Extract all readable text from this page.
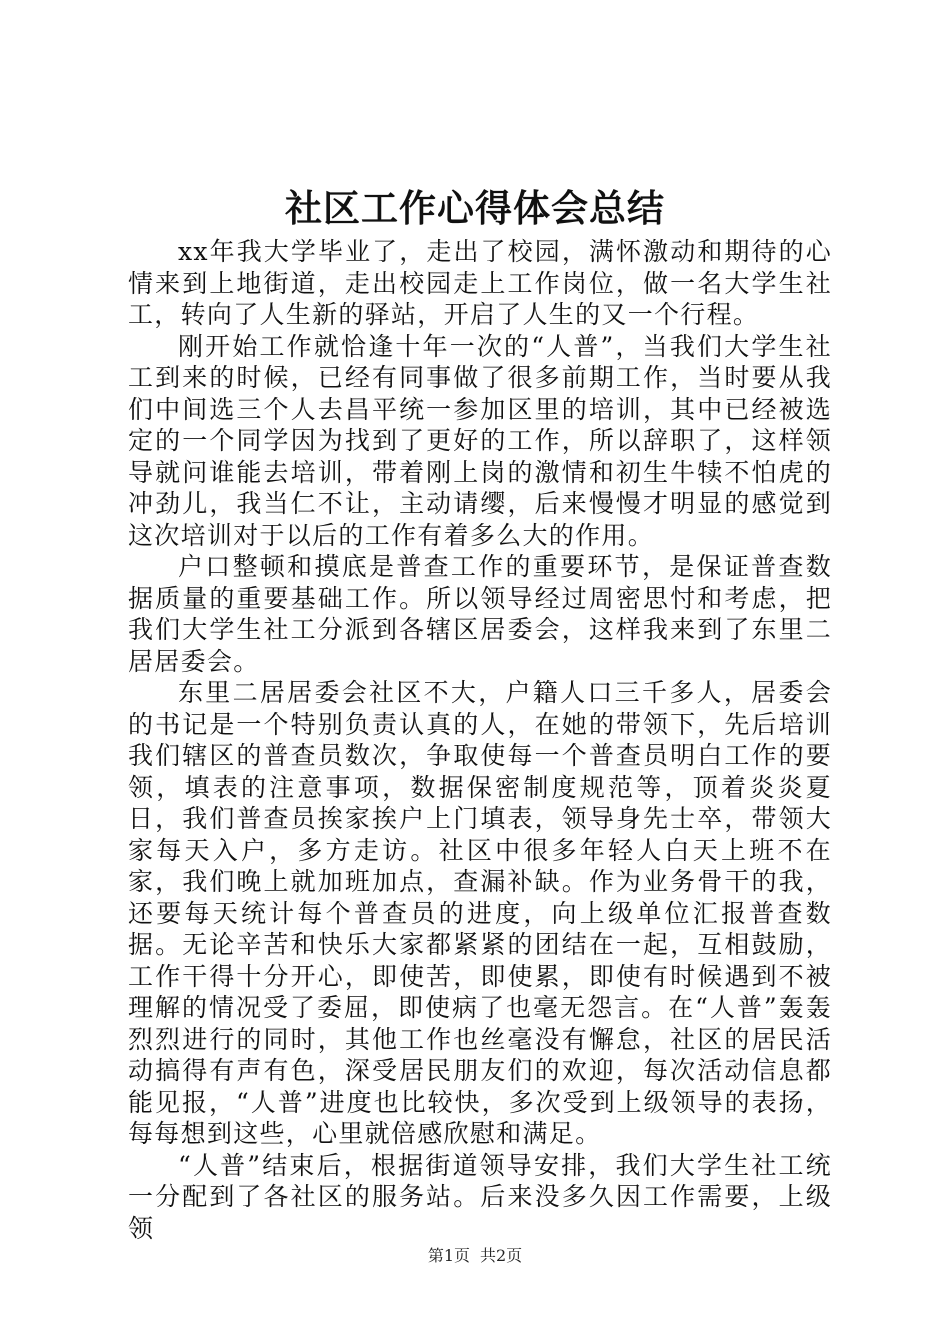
社区工作心得体会总结

xx年我大学毕业了，走出了校园，满怀激动和期待的心情来到上地街道，走出校园走上工作岗位，做一名大学生社工，转向了人生新的驿站，开启了人生的又一个行程。

刚开始工作就恰逢十年一次的“人普”，当我们大学生社工到来的时候，已经有同事做了很多前期工作，当时要从我们中间选三个人去昌平统一参加区里的培训，其中已经被选定的一个同学因为找到了更好的工作，所以辞职了，这样领导就问谁能去培训，带着刚上岗的激情和初生牛犊不怕虎的冲劲儿，我当仁不让，主动请缨，后来慢慢才明显的感觉到这次培训对于以后的工作有着多么大的作用。

户口整顿和摸底是普查工作的重要环节，是保证普查数据质量的重要基础工作。所以领导经过周密思忖和考虑，把我们大学生社工分派到各辖区居委会，这样我来到了东里二居居委会。

东里二居居委会社区不大，户籍人口三千多人，居委会的书记是一个特别负责认真的人，在她的带领下，先后培训我们辖区的普查员数次，争取使每一个普查员明白工作的要领，填表的注意事项，数据保密制度规范等，顶着炎炎夏日，我们普查员挨家挨户上门填表，领导身先士卒，带领大家每天入户，多方走访。社区中很多年轻人白天上班不在家，我们晚上就加班加点，查漏补缺。作为业务骨干的我，还要每天统计每个普查员的进度，向上级单位汇报普查数据。无论辛苦和快乐大家都紧紧的团结在一起，互相鼓励，工作干得十分开心，即使苦，即使累，即使有时候遇到不被理解的情况受了委屈，即使病了也毫无怨言。在“人普”轰轰烈烈进行的同时，其他工作也丝毫没有懈怠，社区的居民活动搞得有声有色，深受居民朋友们的欢迎，每次活动信息都能见报，“人普”进度也比较快，多次受到上级领导的表扬，每每想到这些，心里就倍感欣慰和满足。

“人普”结束后，根据街道领导安排，我们大学生社工统一分配到了各社区的服务站。后来没多久因工作需要，上级领

第1页 共2页
